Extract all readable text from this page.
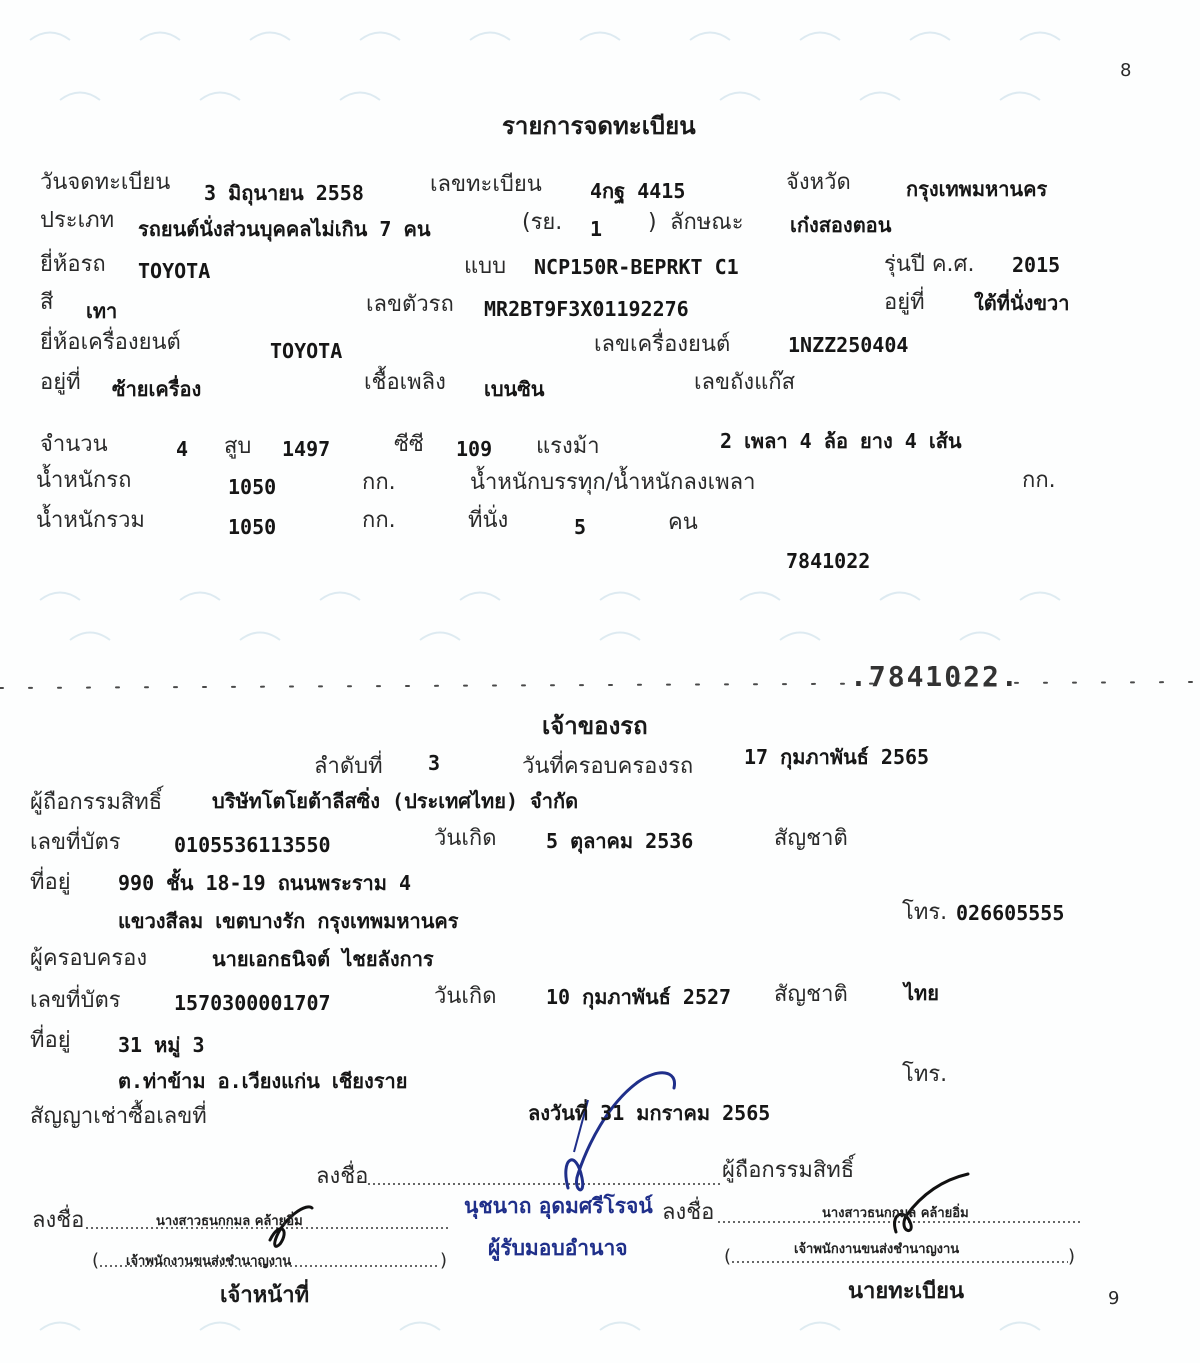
8
9
รายการจดทะเบียน
วันจดทะเบียน 3 มิถุนายน 2558	เลขทะเบียน 4กฐ 4415	จังหวัด	กรุงเทพมหานคร
ประเภท รถยนต์นั่งส่วนบุคคลไม่เกิน 7 คน	(รย. 1 ) ลักษณะ เก๋งสองตอน
ยี่ห้อรถ TOYOTA	แบบ NCP150R-BEPRKT C1	รุ่นปี ค.ศ. 2015
สี เทา	เลขตัวรถ MR2BT9F3X01192276	อยู่ที่ ใต้ที่นั่งขวา
ยี่ห้อเครื่องยนต์	TOYOTA	เลขเครื่องยนต์	1NZZ250404
อยู่ที่ ซ้ายเครื่อง	เชื้อเพลิง เบนซิน	เลขถังแก๊ส
จำนวน	4 สูบ 1497	ซีซี 109 แรงม้า	2 เพลา 4 ล้อ ยาง 4 เส้น
น้ำหนักรถ	1050	กก.	น้ำหนักบรรทุก/น้ำหนักลงเพลา	กก.
น้ำหนักรวม	1050	กก.	ที่นั่ง	5	คน
7841022
.7841022.
เจ้าของรถ
ลำดับที่ 3	วันที่ครอบครองรถ	17 กุมภาพันธ์ 2565
ผู้ถือกรรมสิทธิ์ บริษัทโตโยต้าลีสซิ่ง (ประเทศไทย) จำกัด
เลขที่บัตร	0105536113550	วันเกิด 5 ตุลาคม 2536	สัญชาติ
ที่อยู่ 990 ชั้น 18-19 ถนนพระราม 4
แขวงสีลม เขตบางรัก กรุงเทพมหานคร	โทร. 026605555
ผู้ครอบครอง	นายเอกธนิจต์ ไชยลังการ
เลขที่บัตร	1570300001707	วันเกิด 10 กุมภาพันธ์ 2527 สัญชาติ	ไทย
ที่อยู่ 31 หมู่ 3
ต.ท่าข้าม อ.เวียงแก่น เชียงราย	โทร.
สัญญาเช่าซื้อเลขที่	ลงวันที่ 31 มกราคม 2565
ลงชื่อ	ผู้ถือกรรมสิทธิ์
ลงชื่อ	นางสาวธนกกมล คล้ายอิ่ม
( เจ้าพนักงานขนส่งชำนาญงาน	)
เจ้าหน้าที่
นุชนาถ อุดมศรีโรจน์
ผู้รับมอบอำนาจ
ลงชื่อ	นางสาวธนกกมล คล้ายอิ่ม
(	เจ้าพนักงานขนส่งชำนาญงาน	)
นายทะเบียน
